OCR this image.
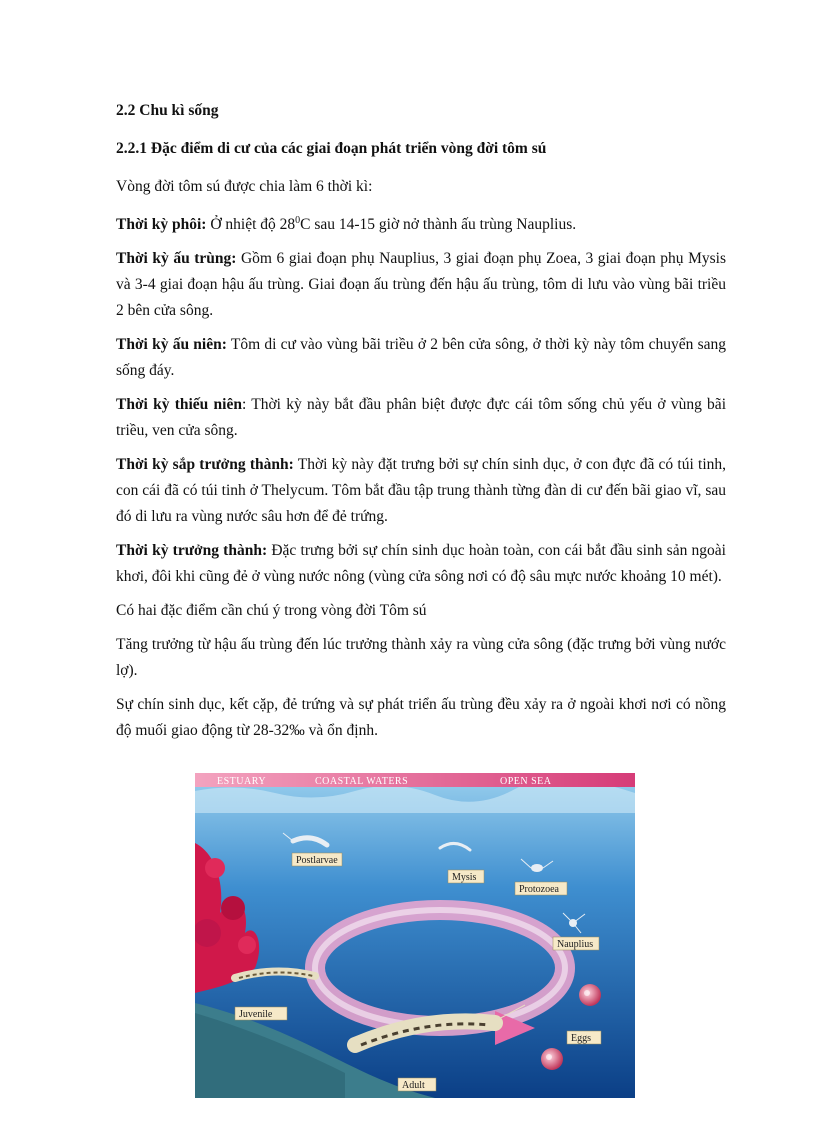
2.2 Chu kì sống

2.2.1 Đặc điểm di cư của các giai đoạn phát triển vòng đời tôm sú

Vòng đời tôm sú được chia làm 6 thời kì:

Thời kỳ phôi: Ở nhiệt độ $28^0C$ sau 14-15 giờ nở thành ấu trùng Nauplius.

Thời kỳ ấu trùng: Gồm 6 giai đoạn phụ Nauplius, 3 giai đoạn phụ Zoea, 3 giai đoạn phụ Mysis và 3-4 giai đoạn hậu ấu trùng. Giai đoạn ấu trùng đến hậu ấu trùng, tôm di lưu vào vùng bãi triều 2 bên cửa sông.

Thời kỳ ấu niên: Tôm di cư vào vùng bãi triều ở 2 bên cửa sông, ở thời kỳ này tôm chuyển sang sống đáy.

Thời kỳ thiếu niên: Thời kỳ này bắt đầu phân biệt được đực cái tôm sống chủ yếu ở vùng bãi triều, ven cửa sông.

Thời kỳ sắp trưởng thành: Thời kỳ này đặt trưng bởi sự chín sinh dục, ở con đực đã có túi tinh, con cái đã có túi tinh ở Thelycum. Tôm bắt đầu tập trung thành từng đàn di cư đến bãi giao vĩ, sau đó di lưu ra vùng nước sâu hơn để đẻ trứng.

Thời kỳ trưởng thành: Đặc trưng bởi sự chín sinh dục hoàn toàn, con cái bắt đầu sinh sản ngoài khơi, đôi khi cũng đẻ ở vùng nước nông (vùng cửa sông nơi có độ sâu mực nước khoảng 10 mét).

Có hai đặc điểm cần chú ý trong vòng đời Tôm sú

Tăng trưởng từ hậu ấu trùng đến lúc trưởng thành xảy ra vùng cửa sông (đặc trưng bởi vùng nước lợ).

Sự chín sinh dục, kết cặp, đẻ trứng và sự phát triển ấu trùng đều xảy ra ở ngoài khơi nơi có nồng độ muối giao động từ 28-32‰ và ổn định.

ESTUARY	COASTAL WATERS	OPEN SEA
Postlarvae
Mysis
Protozoea
Nauplius
Juvenile
Adult
Eggs
